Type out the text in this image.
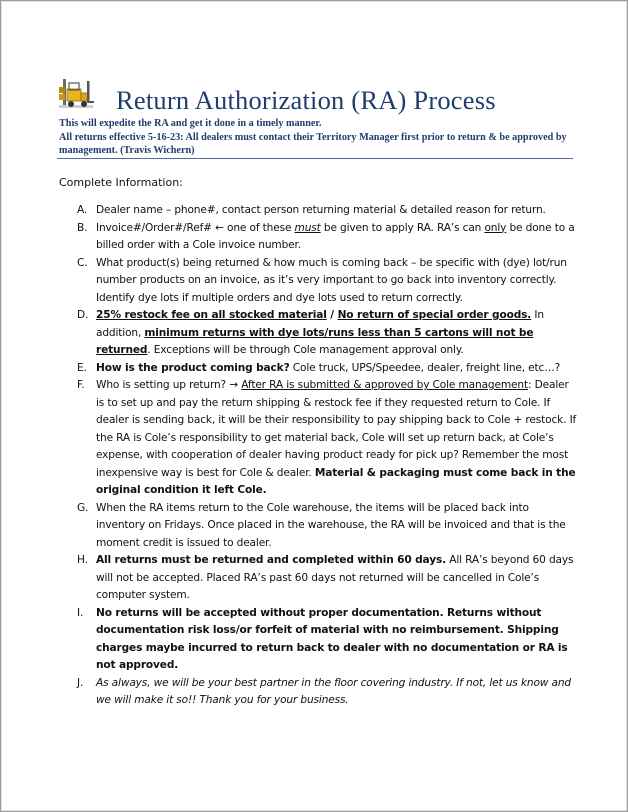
Return Authorization (RA) Process
This will expedite the RA and get it done in a timely manner.
All returns effective 5-16-23: All dealers must contact their Territory Manager first prior to return & be approved by management. (Travis Wichern)
Complete Information:
A. Dealer name – phone#, contact person returning material & detailed reason for return.
B. Invoice#/Order#/Ref# ← one of these must be given to apply RA. RA’s can only be done to a billed order with a Cole invoice number.
C. What product(s) being returned & how much is coming back – be specific with (dye) lot/run number products on an invoice, as it’s very important to go back into inventory correctly. Identify dye lots if multiple orders and dye lots used to return correctly.
D. 25% restock fee on all stocked material / No return of special order goods. In addition, minimum returns with dye lots/runs less than 5 cartons will not be returned. Exceptions will be through Cole management approval only.
E. How is the product coming back? Cole truck, UPS/Speedee, dealer, freight line, etc…?
F. Who is setting up return? → After RA is submitted & approved by Cole management: Dealer is to set up and pay the return shipping & restock fee if they requested return to Cole. If dealer is sending back, it will be their responsibility to pay shipping back to Cole + restock. If the RA is Cole’s responsibility to get material back, Cole will set up return back, at Cole’s expense, with cooperation of dealer having product ready for pick up? Remember the most inexpensive way is best for Cole & dealer. Material & packaging must come back in the original condition it left Cole.
G. When the RA items return to the Cole warehouse, the items will be placed back into inventory on Fridays. Once placed in the warehouse, the RA will be invoiced and that is the moment credit is issued to dealer.
H. All returns must be returned and completed within 60 days. All RA’s beyond 60 days will not be accepted. Placed RA’s past 60 days not returned will be cancelled in Cole’s computer system.
I. No returns will be accepted without proper documentation. Returns without documentation risk loss/or forfeit of material with no reimbursement. Shipping charges maybe incurred to return back to dealer with no documentation or RA is not approved.
J. As always, we will be your best partner in the floor covering industry. If not, let us know and we will make it so!! Thank you for your business.
